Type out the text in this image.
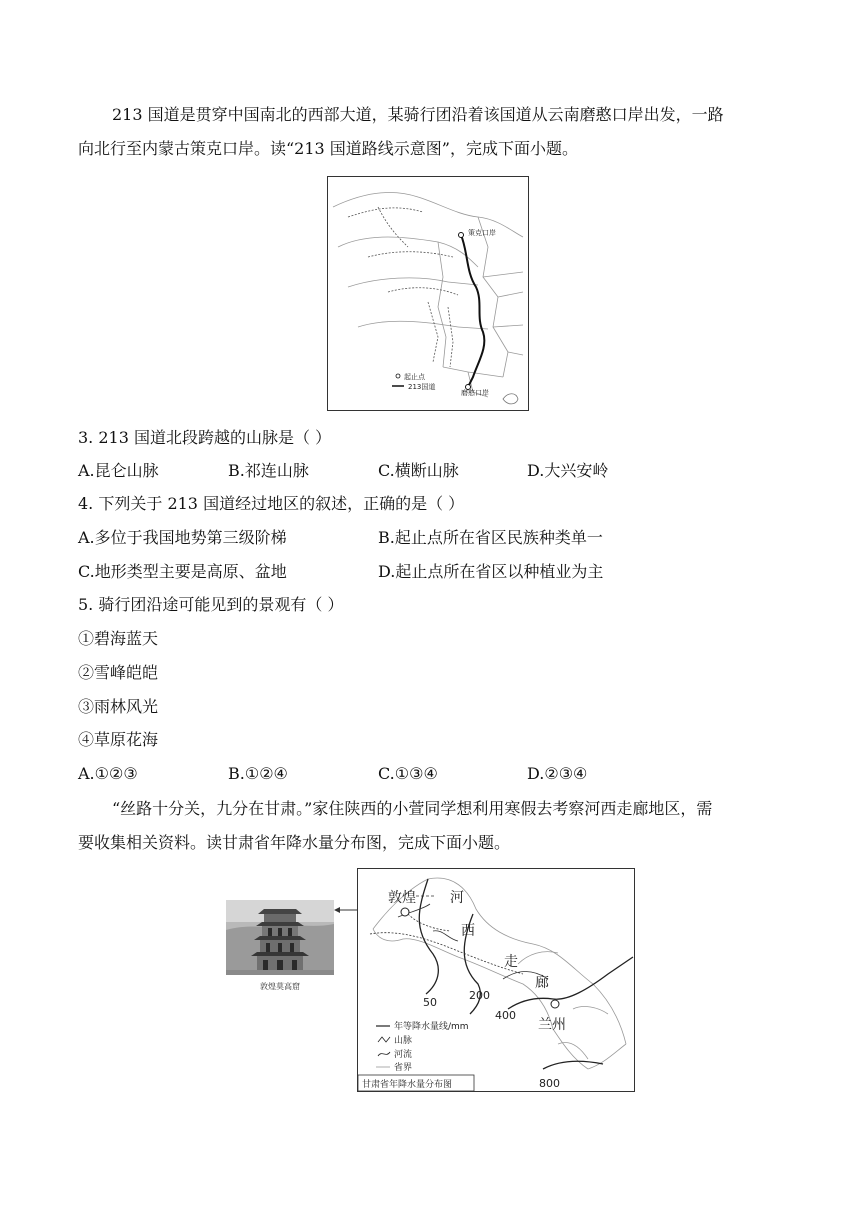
213 国道是贯穿中国南北的西部大道，某骑行团沿着该国道从云南磨憨口岸出发，一路
向北行至内蒙古策克口岸。读“213 国道路线示意图”，完成下面小题。
策克口岸
磨憨口岸
起止点
213国道
3. 213 国道北段跨越的山脉是（ ）
A.昆仑山脉	B.祁连山脉	C.横断山脉	D.大兴安岭
4. 下列关于 213 国道经过地区的叙述，正确的是（ ）
A.多位于我国地势第三级阶梯	B.起止点所在省区民族种类单一
C.地形类型主要是高原、盆地	D.起止点所在省区以种植业为主
5. 骑行团沿途可能见到的景观有（ ）
①碧海蓝天
②雪峰皑皑
③雨林风光
④草原花海
A.①②③	B.①②④	C.①③④	D.②③④
“丝路十分关，九分在甘肃。”家住陕西的小萱同学想利用寒假去考察河西走廊地区，需
要收集相关资料。读甘肃省年降水量分布图，完成下面小题。
敦煌莫高窟
敦煌
兰州
河
西
走
廊
50
200
400
800
年等降水量线/mm
山脉
河流
省界
甘肃省年降水量分布图
